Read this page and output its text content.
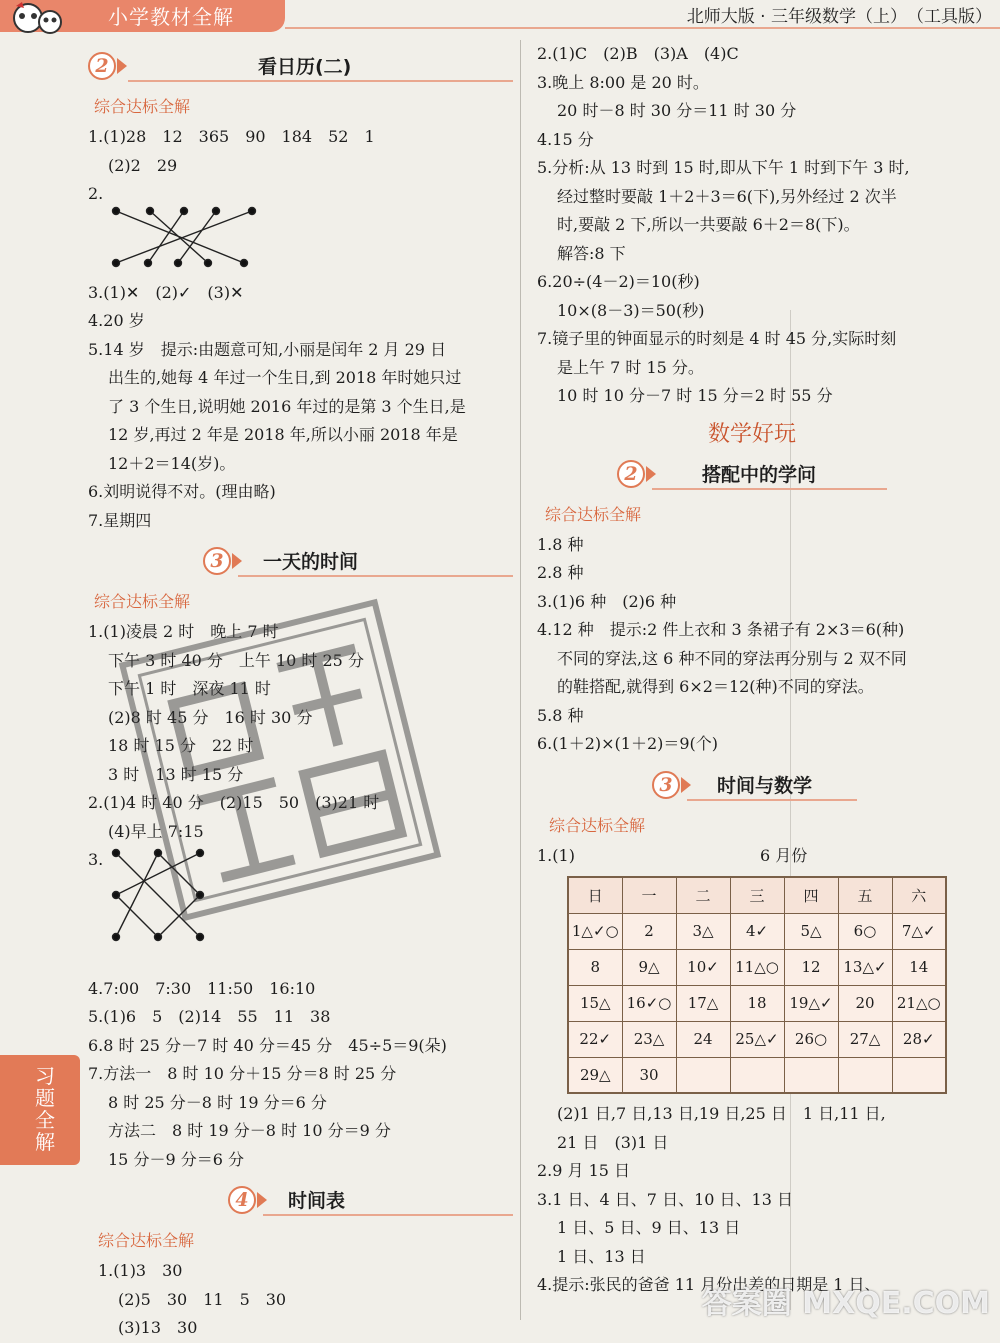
小学教材全解	北师大版 · 三年级数学（上）　（工具版）
2	看日历(二)
综合达标全解
1.(1)28　12　365　90　184　52　1
(2)2　29
2.
3.(1)✕　(2)✓　(3)✕
4.20 岁
5.14 岁　提示:由题意可知,小丽是闰年 2 月 29 日
出生的,她每 4 年过一个生日,到 2018 年时她只过
了 3 个生日,说明她 2016 年过的是第 3 个生日,是
12 岁,再过 2 年是 2018 年,所以小丽 2018 年是
12＋2＝14(岁)。
6.刘明说得不对。(理由略)
7.星期四
3	一天的时间
综合达标全解
1.(1)凌晨 2 时　晚上 7 时
下午 3 时 40 分　上午 10 时 25 分
下午 1 时　深夜 11 时
(2)8 时 45 分　16 时 30 分
18 时 15 分　22 时
3 时　13 时 15 分
2.(1)4 时 40 分　(2)15　50　(3)21 时
(4)早上 7:15
3.
4.7:00　7:30　11:50　16:10
5.(1)6　5　(2)14　55　11　38
6.8 时 25 分－7 时 40 分＝45 分　45÷5＝9(朵)
7.方法一　8 时 10 分＋15 分＝8 时 25 分
8 时 25 分－8 时 19 分＝6 分
方法二　8 时 19 分－8 时 10 分＝9 分
15 分－9 分＝6 分
4	时间表
综合达标全解
1.(1)3　30
(2)5　30　11　5　30
(3)13　30
2.(1)C　(2)B　(3)A　(4)C
3.晚上 8:00 是 20 时。
20 时－8 时 30 分＝11 时 30 分
4.15 分
5.分析:从 13 时到 15 时,即从下午 1 时到下午 3 时,
经过整时要敲 1＋2＋3＝6(下),另外经过 2 次半
时,要敲 2 下,所以一共要敲 6＋2＝8(下)。
解答:8 下
6.20÷(4－2)＝10(秒)
10×(8－3)＝50(秒)
7.镜子里的钟面显示的时刻是 4 时 45 分,实际时刻
是上午 7 时 15 分。
10 时 10 分－7 时 15 分＝2 时 55 分
数学好玩
2	搭配中的学问
综合达标全解
1.8 种
2.8 种
3.(1)6 种　(2)6 种
4.12 种　提示:2 件上衣和 3 条裙子有 2×3＝6(种)
不同的穿法,这 6 种不同的穿法再分别与 2 双不同
的鞋搭配,就得到 6×2＝12(种)不同的穿法。
5.8 种
6.(1＋2)×(1＋2)＝9(个)
3	时间与数学
综合达标全解
1.(1)	6 月份
日	一	二	三	四	五	六
1△✓○	2	3△	4✓	5△	6○	7△✓
8	9△	10✓	11△○	12	13△✓	14
15△	16✓○	17△	18	19△✓	20	21△○
22✓	23△	24	25△✓	26○	27△	28✓
29△	30					
(2)1 日,7 日,13 日,19 日,25 日　1 日,11 日,
21 日　(3)1 日
2.9 月 15 日
3.1 日、4 日、7 日、10 日、13 日
1 日、5 日、9 日、13 日
1 日、13 日
4.提示:张民的爸爸 11 月份出差的日期是 1 日、
习题全解
答案圈 MXQE.COM
